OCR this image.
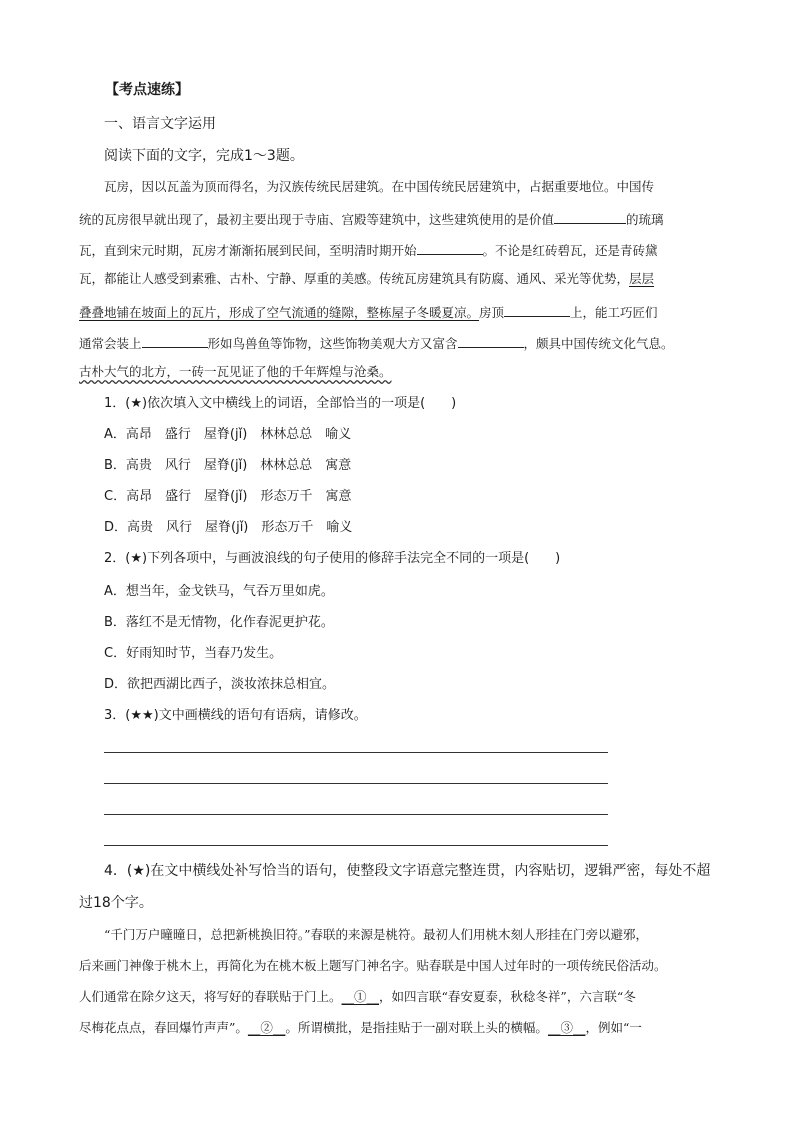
【考点速练】
一、语言文字运用
阅读下面的文字，完成1～3题。
瓦房，因以瓦盖为顶而得名，为汉族传统民居建筑。在中国传统民居建筑中，占据重要地位。中国传
统的瓦房很早就出现了，最初主要出现于寺庙、宫殿等建筑中，这些建筑使用的是价值	的琉璃
瓦，直到宋元时期，瓦房才渐渐拓展到民间，至明清时期开始	。不论是红砖碧瓦，还是青砖黛
瓦，都能让人感受到素雅、古朴、宁静、厚重的美感。传统瓦房建筑具有防腐、通风、采光等优势，层层
叠叠地铺在坡面上的瓦片，形成了空气流通的缝隙，整栋屋子冬暖夏凉。房顶	上，能工巧匠们
通常会装上	形如鸟兽鱼等饰物，这些饰物美观大方又富含	，颇具中国传统文化气息。
古朴大气的北方，一砖一瓦见证了他的千年辉煌与沧桑。
1．(★)依次填入文中横线上的词语，全部恰当的一项是(　　)
A．高昂　盛行　屋脊(jǐ)　林林总总　喻义
B．高贵　风行　屋脊(jǐ)　林林总总　寓意
C．高昂　盛行　屋脊(jǐ)　形态万千　寓意
D．高贵　风行　屋脊(jǐ)　形态万千　喻义
2．(★)下列各项中，与画波浪线的句子使用的修辞手法完全不同的一项是(　　)
A．想当年，金戈铁马，气吞万里如虎。
B．落红不是无情物，化作春泥更护花。
C．好雨知时节，当春乃发生。
D．欲把西湖比西子，淡妆浓抹总相宜。
3．(★★)文中画横线的语句有语病，请修改。
4．(★)在文中横线处补写恰当的语句，使整段文字语意完整连贯，内容贴切，逻辑严密，每处不超
过18个字。
“千门万户曈曈日，总把新桃换旧符。”春联的来源是桃符。最初人们用桃木刻人形挂在门旁以避邪，
后来画门神像于桃木上，再简化为在桃木板上题写门神名字。贴春联是中国人过年时的一项传统民俗活动。
人们通常在除夕这天，将写好的春联贴于门上。__①__，如四言联“春安夏泰，秋稔冬祥”，六言联“冬
尽梅花点点，春回爆竹声声”。__②__。所谓横批，是指挂贴于一副对联上头的横幅。__③__，例如“一
